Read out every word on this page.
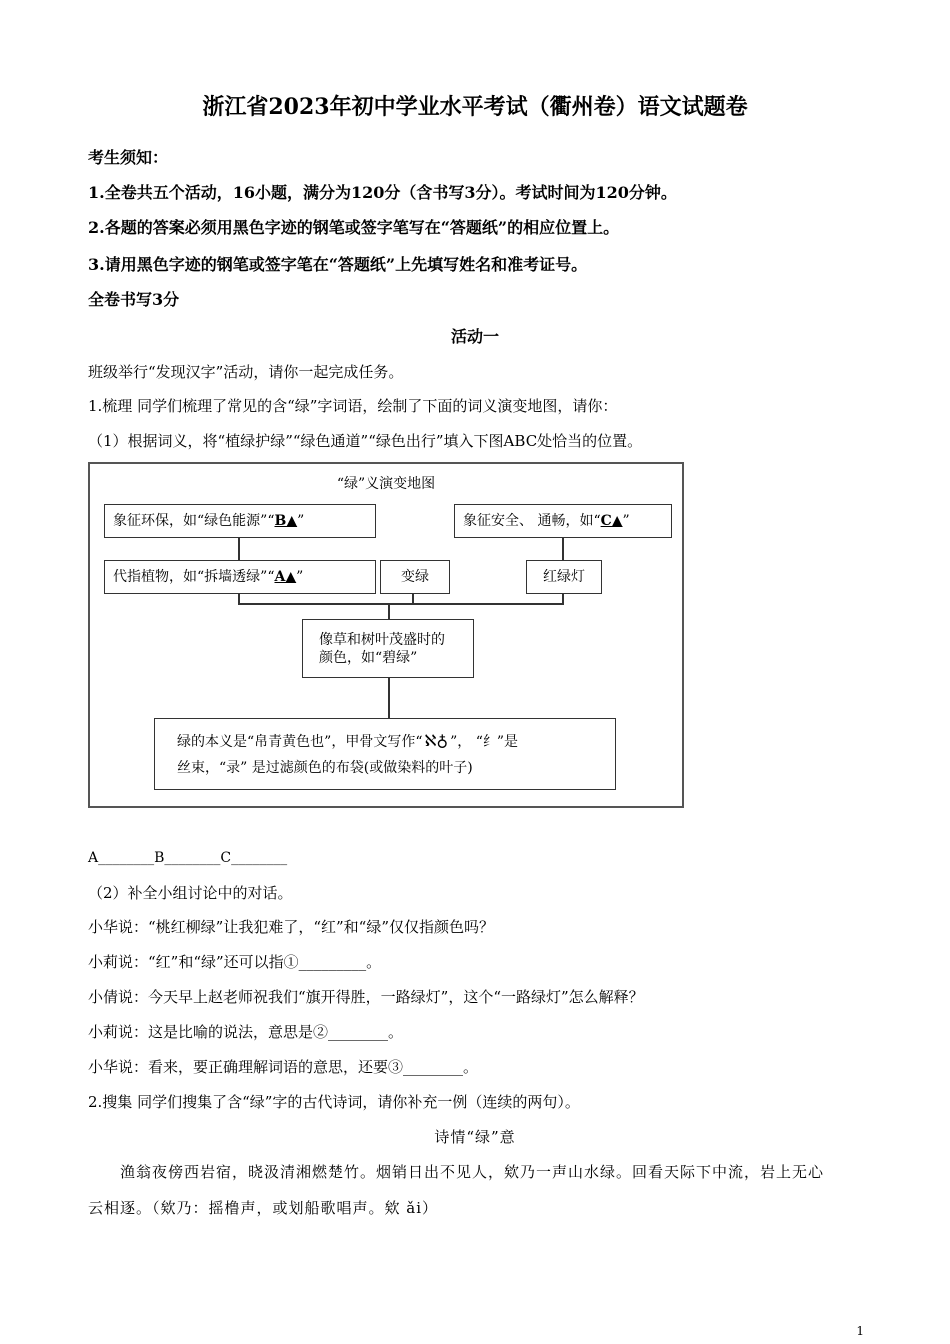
浙江省2023年初中学业水平考试（衢州卷）语文试题卷
考生须知：
1.全卷共五个活动，16小题，满分为120分（含书写3分）。考试时间为120分钟。
2.各题的答案必须用黑色字迹的钢笔或签字笔写在“答题纸”的相应位置上。
3.请用黑色字迹的钢笔或签字笔在“答题纸”上先填写姓名和准考证号。
全卷书写3分
活动一
班级举行“发现汉字”活动，请你一起完成任务。
1.梳理 同学们梳理了常见的含“绿”字词语，绘制了下面的词义演变地图，请你：
（1）根据词义，将“植绿护绿”“绿色通道”“绿色出行”填入下图ABC处恰当的位置。
“绿”义演变地图
象征环保，如“绿色能源”“ B▲ ”	象征安全、 通畅，如“ C▲ ”
代指植物，如“拆墙透绿”“ A▲ ”	变绿	红绿灯
像草和树叶茂盛时的
颜色，如“碧绿”
绿的本义是“帛青黄色也”，甲骨文写作“ ℵ♁ ”， “纟”是
丝束，“录” 是过滤颜色的布袋(或做染料的叶子)
A________B________C________
（2）补全小组讨论中的对话。
小华说：“桃红柳绿”让我犯难了，“红”和“绿”仅仅指颜色吗？
小莉说：“红”和“绿”还可以指①_________。
小倩说：今天早上赵老师祝我们“旗开得胜，一路绿灯”，这个“一路绿灯”怎么解释？
小莉说：这是比喻的说法，意思是②________。
小华说：看来，要正确理解词语的意思，还要③________。
2.搜集 同学们搜集了含“绿”字的古代诗词，请你补充一例（连续的两句）。
诗情“绿”意
渔翁夜傍西岩宿，晓汲清湘燃楚竹。烟销日出不见人，欸乃一声山水绿。回看天际下中流，岩上无心
云相逐。（欸乃：摇橹声，或划船歌唱声。欸 ǎi）
1
